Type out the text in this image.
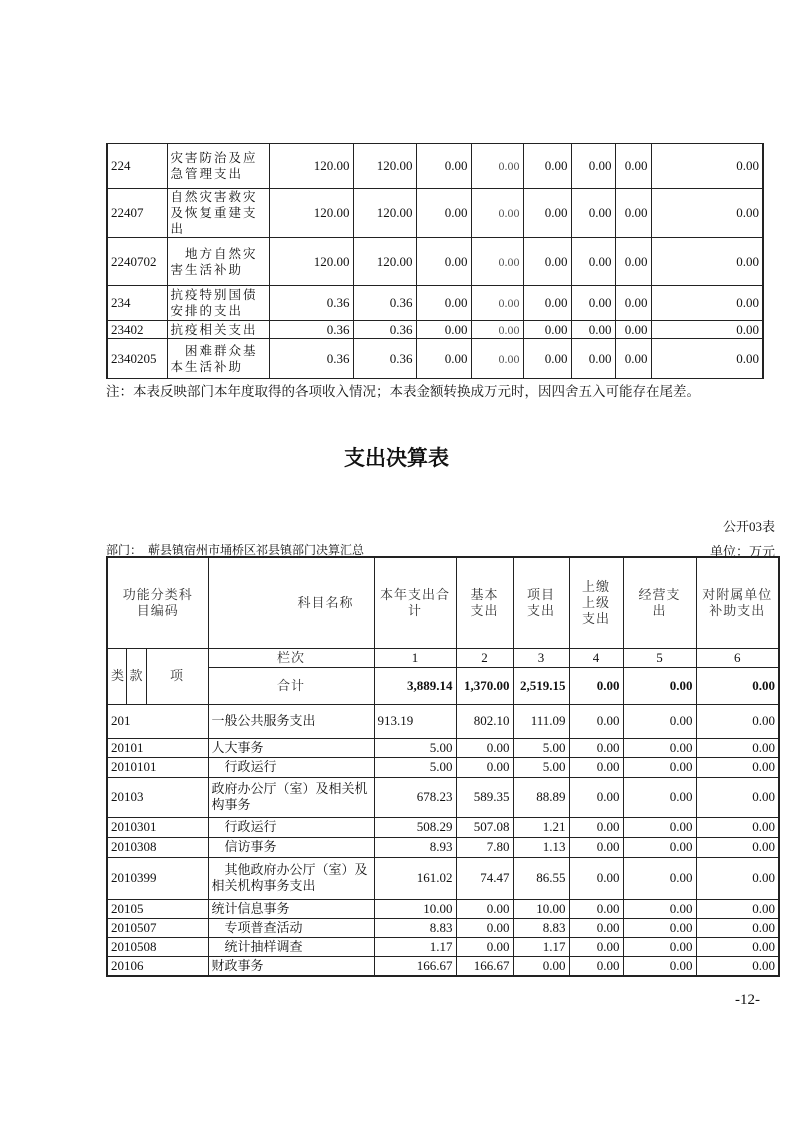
224	灾害防治及应急管理支出	120.00	120.00	0.00	0.00	0.00	0.00	0.00	0.00
22407	自然灾害救灾及恢复重建支出	120.00	120.00	0.00	0.00	0.00	0.00	0.00	0.00
2240702	　地方自然灾害生活补助	120.00	120.00	0.00	0.00	0.00	0.00	0.00	0.00
234	抗疫特别国债安排的支出	0.36	0.36	0.00	0.00	0.00	0.00	0.00	0.00
23402	抗疫相关支出	0.36	0.36	0.00	0.00	0.00	0.00	0.00	0.00
2340205	　困难群众基本生活补助	0.36	0.36	0.00	0.00	0.00	0.00	0.00	0.00
注：本表反映部门本年度取得的各项收入情况；本表金额转换成万元时，因四舍五入可能存在尾差。
支出决算表
公开03表
部门：　蕲县镇宿州市埇桥区祁县镇部门决算汇总	单位：万元
功能分类科目编码			科目名称	本年支出合计	基本支出	项目支出	上缴上级支出	经营支出	对附属单位补助支出
类	款	项	栏次	1	2	3	4	5	6
			合计	3,889.14	1,370.00	2,519.15	0.00	0.00	0.00
201			一般公共服务支出	913.19	802.10	111.09	0.00	0.00	0.00
20101			人大事务	5.00	0.00	5.00	0.00	0.00	0.00
2010101			　行政运行	5.00	0.00	5.00	0.00	0.00	0.00
20103			政府办公厅（室）及相关机构事务	678.23	589.35	88.89	0.00	0.00	0.00
2010301			　行政运行	508.29	507.08	1.21	0.00	0.00	0.00
2010308			　信访事务	8.93	7.80	1.13	0.00	0.00	0.00
2010399			　其他政府办公厅（室）及相关机构事务支出	161.02	74.47	86.55	0.00	0.00	0.00
20105			统计信息事务	10.00	0.00	10.00	0.00	0.00	0.00
2010507			　专项普查活动	8.83	0.00	8.83	0.00	0.00	0.00
2010508			　统计抽样调查	1.17	0.00	1.17	0.00	0.00	0.00
20106			财政事务	166.67	166.67	0.00	0.00	0.00	0.00
-12-
